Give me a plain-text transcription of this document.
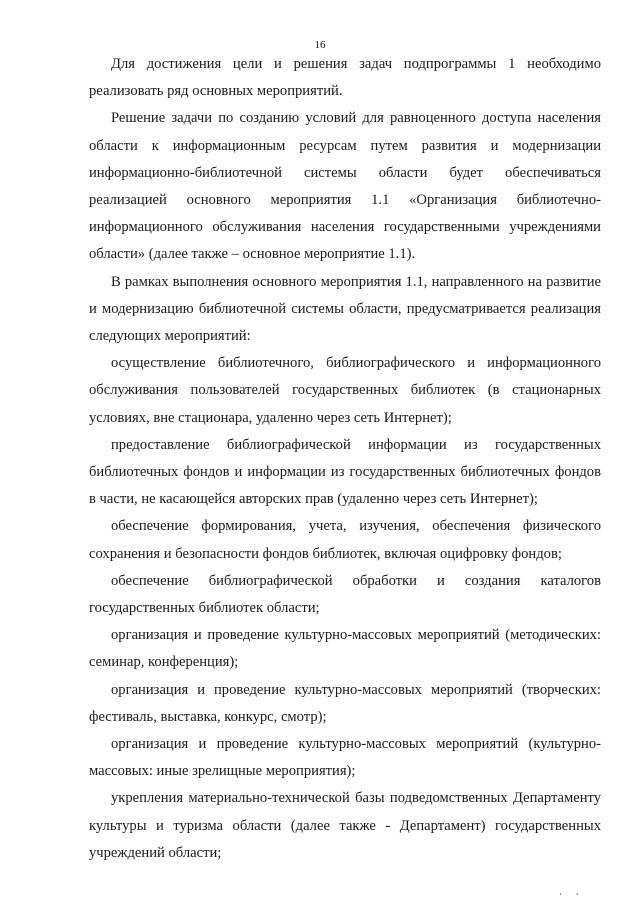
16

Для достижения цели и решения задач подпрограммы 1 необходимо реализовать ряд основных мероприятий.

Решение задачи по созданию условий для равноценного доступа населения области к информационным ресурсам путем развития и модернизации информационно-библиотечной системы области будет обеспечиваться реализацией основного мероприятия 1.1 «Организация библиотечно-информационного обслуживания населения государственными учреждениями области» (далее также – основное мероприятие 1.1).

В рамках выполнения основного мероприятия 1.1, направленного на развитие и модернизацию библиотечной системы области, предусматривается реализация следующих мероприятий:

осуществление библиотечного, библиографического и информационного обслуживания пользователей государственных библиотек (в стационарных условиях, вне стационара, удаленно через сеть Интернет);

предоставление библиографической информации из государственных библиотечных фондов и информации из государственных библиотечных фондов в части, не касающейся авторских прав (удаленно через сеть Интернет);

обеспечение формирования, учета, изучения, обеспечения физического сохранения и безопасности фондов библиотек, включая оцифровку фондов;

обеспечение библиографической обработки и создания каталогов государственных библиотек области;

организация и проведение культурно-массовых мероприятий (методических: семинар, конференция);

организация и проведение культурно-массовых мероприятий (творческих: фестиваль, выставка, конкурс, смотр);

организация и проведение культурно-массовых мероприятий (культурно-массовых: иные зрелищные мероприятия);

укрепления материально-технической базы подведомственных Департаменту культуры и туризма области (далее также - Департамент) государственных учреждений области;

' '
